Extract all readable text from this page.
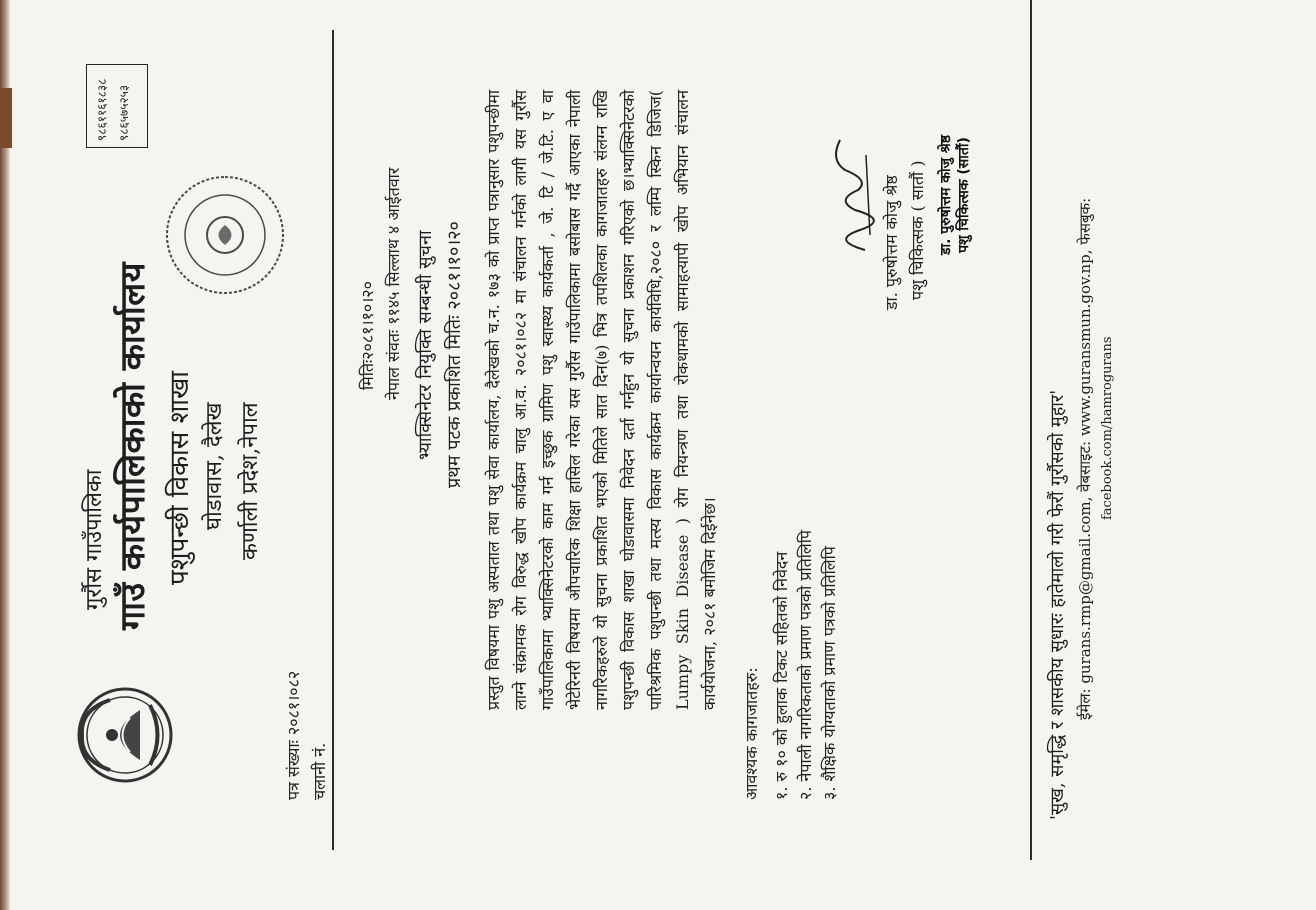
गुर्रौस गाउँपालिका गाउँ कार्यपालिकाको कार्यालय पशुपन्छी विकास शाखा घोडावास, दैलेख कर्णाली प्रदेश,नेपाल
९८६११६१८३८ ९८६५७५२५३
पत्र संख्याः २०८१।०८२ चलानी नं.
मितिः२०८१।१०।२० नेपाल संवतः ११४५ सिल्लाथ ४ आईतवार भ्याक्सिनेटर नियुक्ति सम्बन्धी सुचना प्रथम पटक प्रकाशित मितिः २०८१।१०।२० प्रस्तुत विषयमा पशु अस्पताल तथा पशु सेवा कार्यालय, दैलेखको च.न. १७३ को प्राप्त पत्रानुसार पशुपन्छीमा लाग्ने संक्रामक रोग विरुद्ध खोप कार्यक्रम चालु आ.व. २०८१।०८२ मा संचालन गर्नको लागी यस गुर्रौस गाउँपालिकामा भ्याक्सिनेटरको काम गर्न इच्छुक ग्रामिण पशु स्वास्थ्य कार्यकर्ता , जे. टि / जे.टि. ए वा भेटेरिनरी विषयमा औपचारिक शिक्षा हासिल गरेका यस गुर्रौस गाउँपालिकामा बसोबास गर्दै आएका नेपाली नागरिकहरुले यो सुचना प्रकाशित भएको मितिले सात दिन(७) भित्र तपशिलका कागजातहरु संलग्न राखि पशुपन्छी विकास शाखा घोडावासमा निवेदन दर्ता गर्नहुन यो सुचना प्रकाशन गरिएको छ।भ्याक्सिनेटरको पारिश्रमिक पशुपन्छी तथा मत्स्य विकास कार्यक्रम कार्यान्वयन कार्यविधि,२०८० र लम्पि स्किन डिजिज( Lumpy Skin Disease ) रोग नियन्त्रण तथा रोकथामको सामाहत्यापी खोप अभियान संचालन कार्ययोजना, २०८१ बमोजिम दिईनेछ।
आवश्यक कागजातहरु: १. रु १० को हुलाक टिकट सहितको निवेदन २. नेपाली नागरिकताको प्रमाण पत्रको प्रतिलिपि ३. शैक्षिक योग्यताको प्रमाण पत्रको प्रतिलिपि
डा. पुरुषोत्तम कोजु श्रेष्ठ पशु चिकित्सक ( सातौं ) डा. पुरुषोत्तम कोजु श्रेष्ठ पशु चिकित्सक (सातौं)
'सुख, समृद्धि र शासकीय सुधारः हातेमालो गरी फेरौं गुर्रौसको मुहार' ईमेल: gurans.rmp@gmail.com, वेबसाइट: www.guransmun.gov.np, फेसबुक: facebook.com/hamrogurans
